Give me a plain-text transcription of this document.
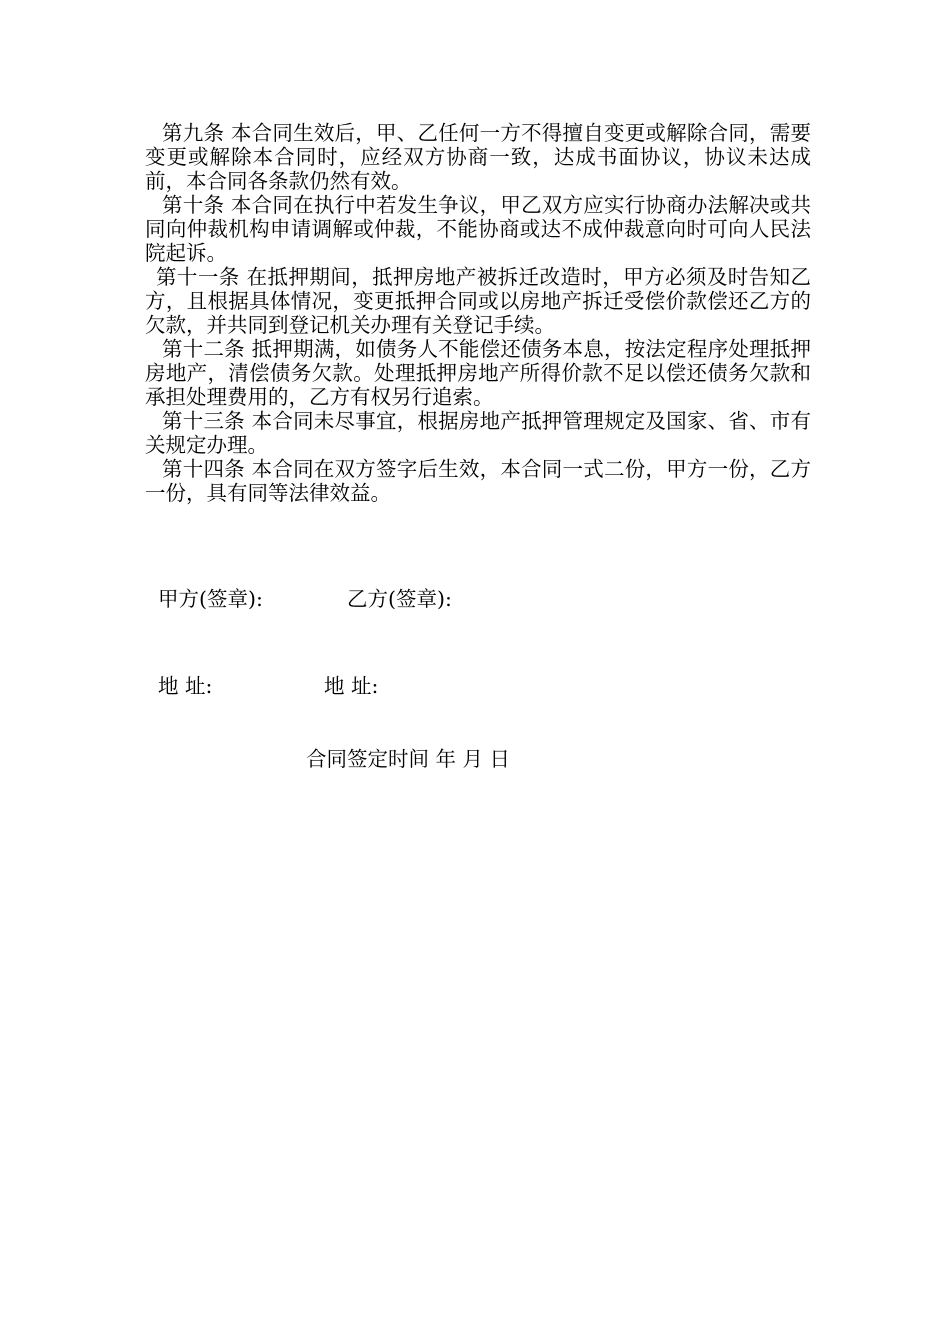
第九条 本合同生效后，甲、乙任何一方不得擅自变更或解除合同，需要变更或解除本合同时，应经双方协商一致，达成书面协议，协议未达成前，本合同各条款仍然有效。

第十条 本合同在执行中若发生争议，甲乙双方应实行协商办法解决或共同向仲裁机构申请调解或仲裁，不能协商或达不成仲裁意向时可向人民法院起诉。

第十一条 在抵押期间，抵押房地产被拆迁改造时，甲方必须及时告知乙方，且根据具体情况，变更抵押合同或以房地产拆迁受偿价款偿还乙方的欠款，并共同到登记机关办理有关登记手续。

第十二条 抵押期满，如债务人不能偿还债务本息，按法定程序处理抵押房地产，清偿债务欠款。处理抵押房地产所得价款不足以偿还债务欠款和承担处理费用的，乙方有权另行追索。

第十三条 本合同未尽事宜，根据房地产抵押管理规定及国家、省、市有关规定办理。

第十四条 本合同在双方签字后生效，本合同一式二份，甲方一份，乙方一份，具有同等法律效益。

甲方(签章):	乙方(签章):
地 址:	地 址:
合同签定时间 年 月 日
